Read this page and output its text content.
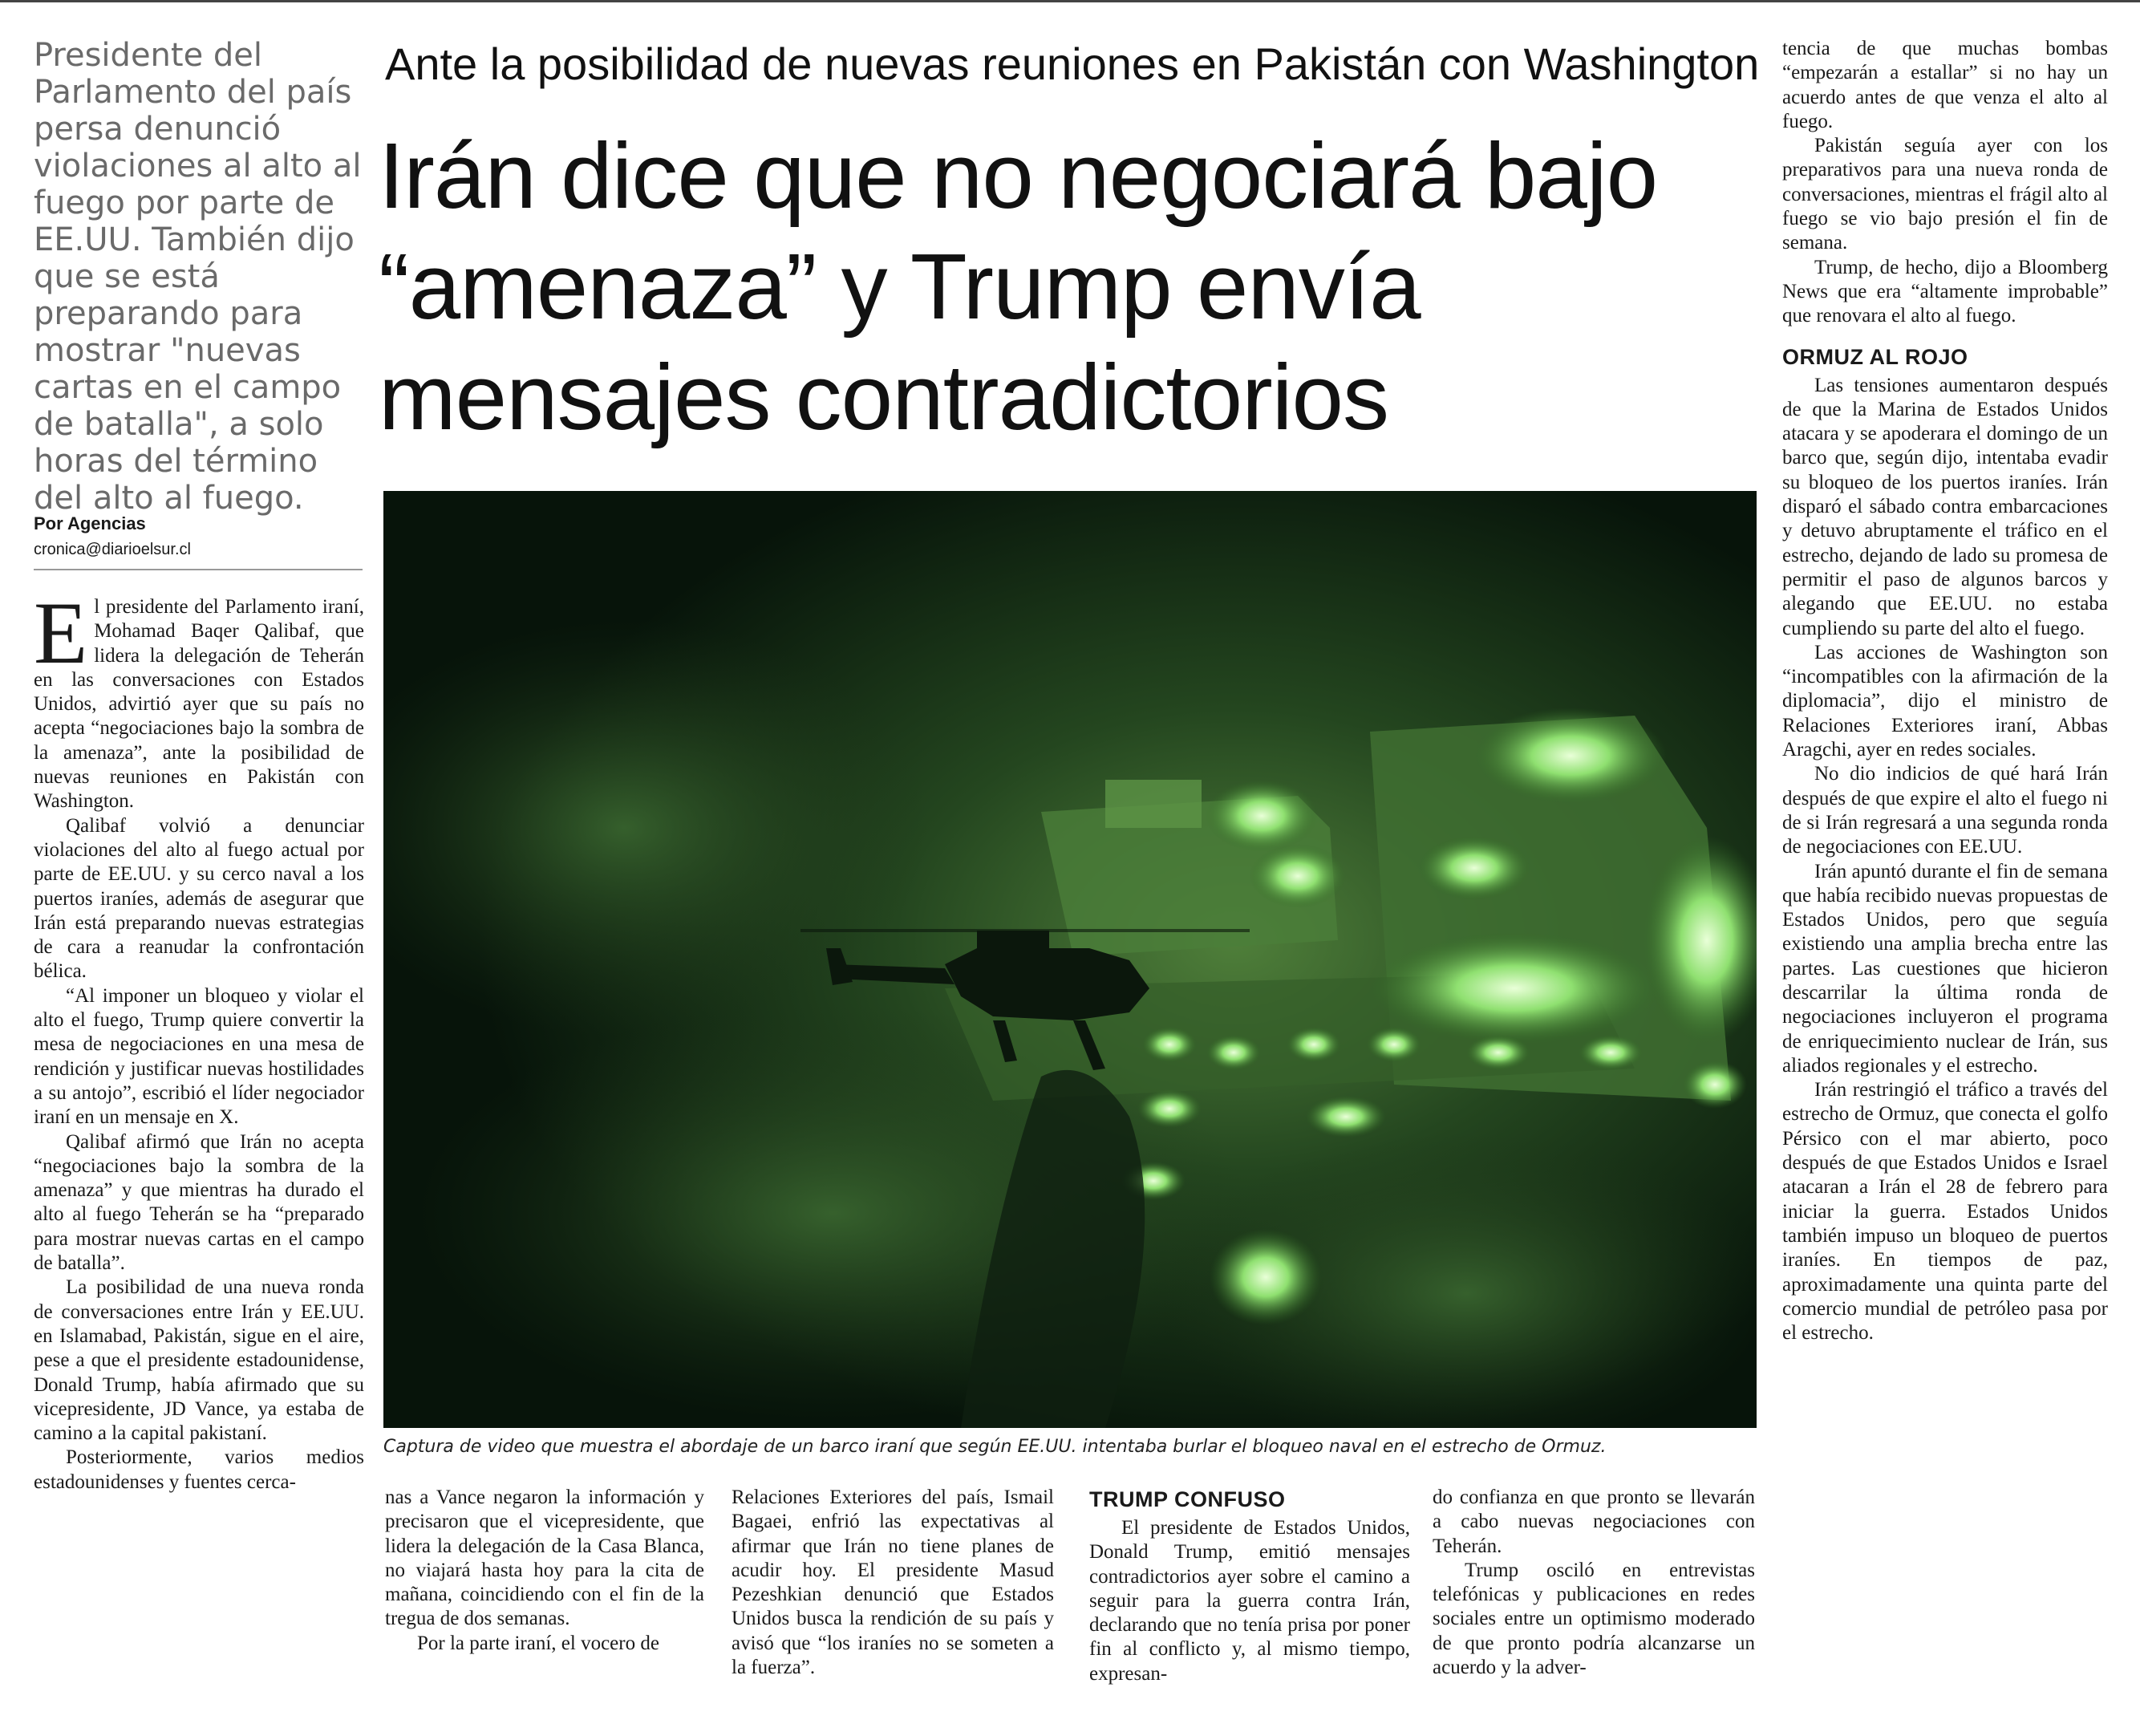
Presidente del Parlamento del país persa denunció violaciones al alto al fuego por parte de EE.UU. También dijo que se está preparando para mostrar "nuevas cartas en el campo de batalla", a solo horas del término del alto al fuego.
Por Agencias
cronica@diarioelsur.cl
Ante la posibilidad de nuevas reuniones en Pakistán con Washington
Irán dice que no negociará bajo
“amenaza” y Trump envía
mensajes contradictorios
Captura de video que muestra el abordaje de un barco iraní que según EE.UU. intentaba burlar el bloqueo naval en el estrecho de Ormuz.

El presidente del Parlamento iraní, Mohamad Baqer Qalibaf, que lidera la delegación de Teherán en las conversaciones con Estados Unidos, advirtió ayer que su país no acepta “negociaciones bajo la sombra de la amenaza”, ante la posibilidad de nuevas reuniones en Pakistán con Washington.

Qalibaf volvió a denunciar violaciones del alto al fuego actual por parte de EE.UU. y su cerco naval a los puertos iraníes, además de asegurar que Irán está preparando nuevas estrategias de cara a reanudar la confrontación bélica.

“Al imponer un bloqueo y violar el alto el fuego, Trump quiere convertir la mesa de negociaciones en una mesa de rendición y justificar nuevas hostilidades a su antojo”, escribió el líder negociador iraní en un mensaje en X.

Qalibaf afirmó que Irán no acepta “negociaciones bajo la sombra de la amenaza” y que mientras ha durado el alto al fuego Teherán se ha “preparado para mostrar nuevas cartas en el campo de batalla”.

La posibilidad de una nueva ronda de conversaciones entre Irán y EE.UU. en Islamabad, Pakistán, sigue en el aire, pese a que el presidente estadounidense, Donald Trump, había afirmado que su vicepresidente, JD Vance, ya estaba de camino a la capital pakistaní.

Posteriormente, varios medios estadounidenses y fuentes cerca-

nas a Vance negaron la información y precisaron que el vicepresidente, que lidera la delegación de la Casa Blanca, no viajará hasta hoy para la cita de mañana, coincidiendo con el fin de la tregua de dos semanas.

Por la parte iraní, el vocero de

Relaciones Exteriores del país, Ismail Bagaei, enfrió las expectativas al afirmar que Irán no tiene planes de acudir hoy. El presidente Masud Pezeshkian denunció que Estados Unidos busca la rendición de su país y avisó que “los iraníes no se someten a la fuerza”.

TRUMP CONFUSO

El presidente de Estados Unidos, Donald Trump, emitió mensajes contradictorios ayer sobre el camino a seguir para la guerra contra Irán, declarando que no tenía prisa por poner fin al conflicto y, al mismo tiempo, expresan-

do confianza en que pronto se llevarán a cabo nuevas negociaciones con Teherán.

Trump osciló en entrevistas telefónicas y publicaciones en redes sociales entre un optimismo moderado de que pronto podría alcanzarse un acuerdo y la adver-

tencia de que muchas bombas “empezarán a estallar” si no hay un acuerdo antes de que venza el alto al fuego.

Pakistán seguía ayer con los preparativos para una nueva ronda de conversaciones, mientras el frágil alto al fuego se vio bajo presión el fin de semana.

Trump, de hecho, dijo a Bloomberg News que era “altamente improbable” que renovara el alto al fuego.

ORMUZ AL ROJO

Las tensiones aumentaron después de que la Marina de Estados Unidos atacara y se apoderara el domingo de un barco que, según dijo, intentaba evadir su bloqueo de los puertos iraníes. Irán disparó el sábado contra embarcaciones y detuvo abruptamente el tráfico en el estrecho, dejando de lado su promesa de permitir el paso de algunos barcos y alegando que EE.UU. no estaba cumpliendo su parte del alto el fuego.

Las acciones de Washington son “incompatibles con la afirmación de la diplomacia”, dijo el ministro de Relaciones Exteriores iraní, Abbas Aragchi, ayer en redes sociales.

No dio indicios de qué hará Irán después de que expire el alto el fuego ni de si Irán regresará a una segunda ronda de negociaciones con EE.UU.

Irán apuntó durante el fin de semana que había recibido nuevas propuestas de Estados Unidos, pero que seguía existiendo una amplia brecha entre las partes. Las cuestiones que hicieron descarrilar la última ronda de negociaciones incluyeron el programa de enriquecimiento nuclear de Irán, sus aliados regionales y el estrecho.

Irán restringió el tráfico a través del estrecho de Ormuz, que conecta el golfo Pérsico con el mar abierto, poco después de que Estados Unidos e Israel atacaran a Irán el 28 de febrero para iniciar la guerra. Estados Unidos también impuso un bloqueo de puertos iraníes. En tiempos de paz, aproximadamente una quinta parte del comercio mundial de petróleo pasa por el estrecho.
